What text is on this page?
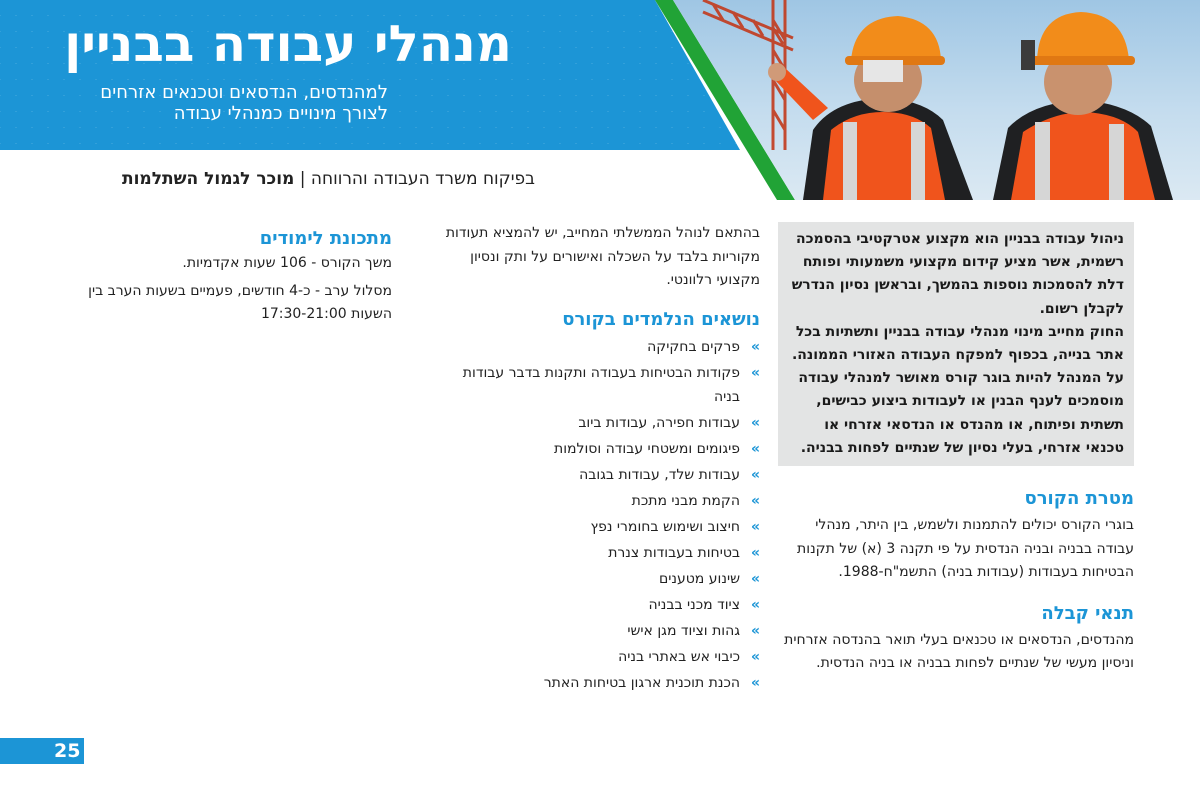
מנהלי עבודה בבניין
למהנדסים, הנדסאים וטכנאים אזרחים
לצורך מינויים כמנהלי עבודה
בפיקוח משרד העבודה והרווחה | מוכר לגמול השתלמות
ניהול עבודה בבניין הוא מקצוע אטרקטיבי בהסמכה רשמית, אשר מציע קידום מקצועי משמעותי ופותח דלת להסמכות נוספות בהמשך, ובראשן נסיון הנדרש לקבלן רשום.
החוק מחייב מינוי מנהלי עבודה בבניין ותשתיות בכל אתר בנייה, בכפוף למפקח העבודה האזורי הממונה. על המנהל להיות בוגר קורס מאושר למנהלי עבודה מוסמכים לענף הבנין או לעבודות ביצוע כבישים, תשתית ופיתוח, או מהנדס או הנדסאי אזרחי או טכנאי אזרחי, בעלי נסיון של שנתיים לפחות בבניה.
מטרת הקורס

בוגרי הקורס יכולים להתמנות ולשמש, בין היתר, מנהלי עבודה בבניה ובניה הנדסית על פי תקנה 3 (א) של תקנות הבטיחות בעבודות (עבודות בניה) התשמ"ח-1988.

תנאי קבלה

מהנדסים, הנדסאים או טכנאים בעלי תואר בהנדסה אזרחית וניסיון מעשי של שנתיים לפחות בבניה או בניה הנדסית.

בהתאם לנוהל הממשלתי המחייב, יש להמציא תעודות מקוריות בלבד על השכלה ואישורים על ותק ונסיון מקצועי רלוונטי.

נושאים הנלמדים בקורס
»
פרקים בחקיקה
»
פקודות הבטיחות בעבודה ותקנות בדבר עבודות בניה
»
עבודות חפירה, עבודות ביוב
»
פיגומים ומשטחי עבודה וסולמות
»
עבודות שלד, עבודות בגובה
»
הקמת מבני מתכת
»
חיצוב ושימוש בחומרי נפץ
»
בטיחות בעבודות צנרת
»
שינוע מטענים
»
ציוד מכני בבניה
»
גהות וציוד מגן אישי
»
כיבוי אש באתרי בניה
»
הכנת תוכנית ארגון בטיחות האתר
מתכונת לימודים

משך הקורס - 106 שעות אקדמיות.

מסלול ערב - כ-4 חודשים, פעמיים בשעות הערב בין השעות 17:30-21:00

25
